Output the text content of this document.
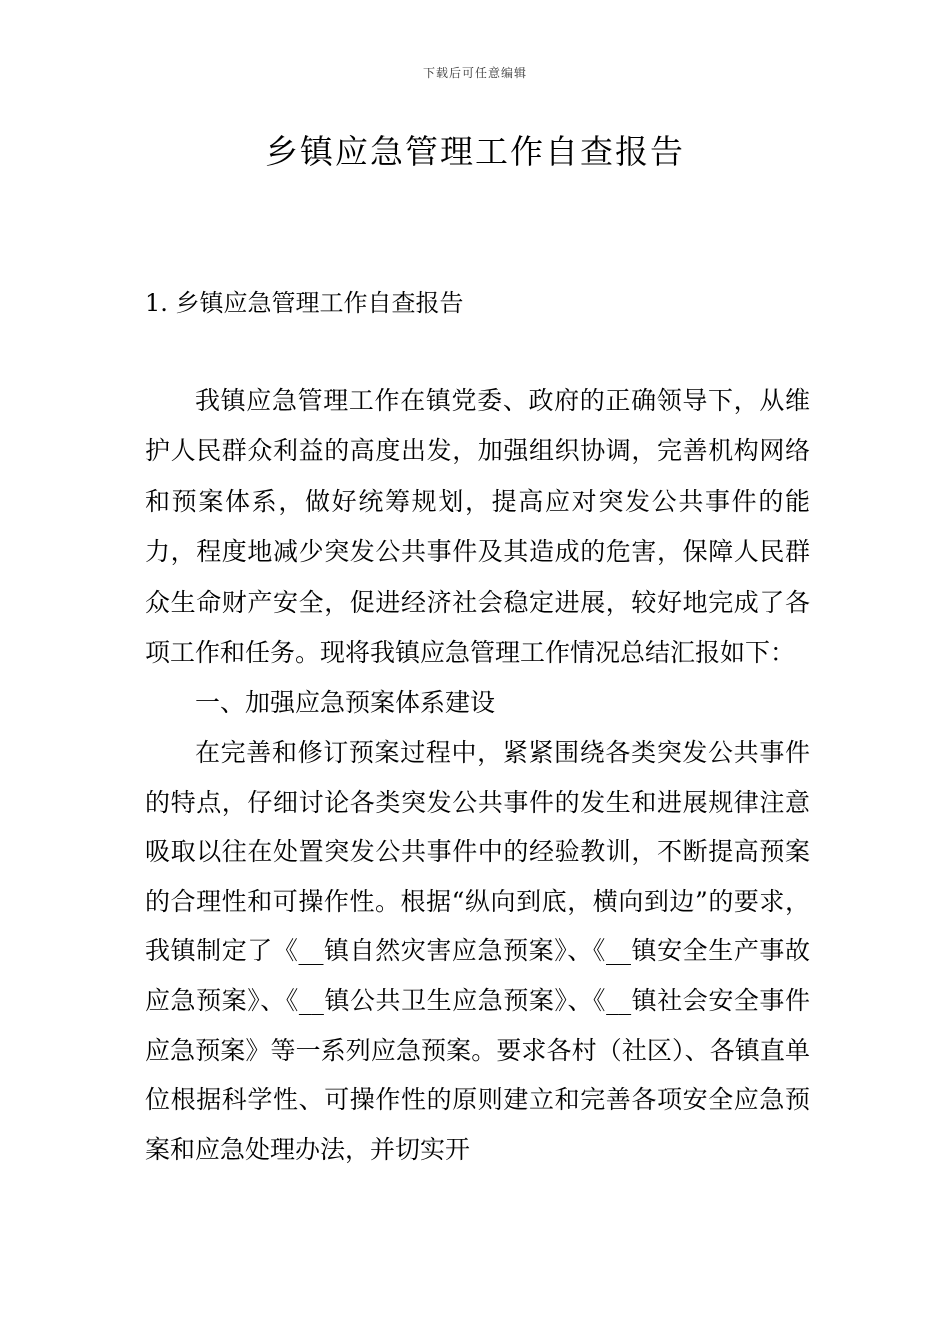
下载后可任意编辑
乡镇应急管理工作自查报告
1. 乡镇应急管理工作自查报告

我镇应急管理工作在镇党委、政府的正确领导下，从维护人民群众利益的高度出发，加强组织协调，完善机构网络和预案体系，做好统筹规划，提高应对突发公共事件的能力，程度地减少突发公共事件及其造成的危害，保障人民群众生命财产安全，促进经济社会稳定进展，较好地完成了各项工作和任务。现将我镇应急管理工作情况总结汇报如下：

一、加强应急预案体系建设

在完善和修订预案过程中，紧紧围绕各类突发公共事件的特点，仔细讨论各类突发公共事件的发生和进展规律注意吸取以往在处置突发公共事件中的经验教训，不断提高预案的合理性和可操作性。根据“纵向到底，横向到边”的要求，我镇制定了《__镇自然灾害应急预案》、《__镇安全生产事故应急预案》、《__镇公共卫生应急预案》、《__镇社会安全事件应急预案》等一系列应急预案。要求各村（社区）、各镇直单位根据科学性、可操作性的原则建立和完善各项安全应急预案和应急处理办法，并切实开
